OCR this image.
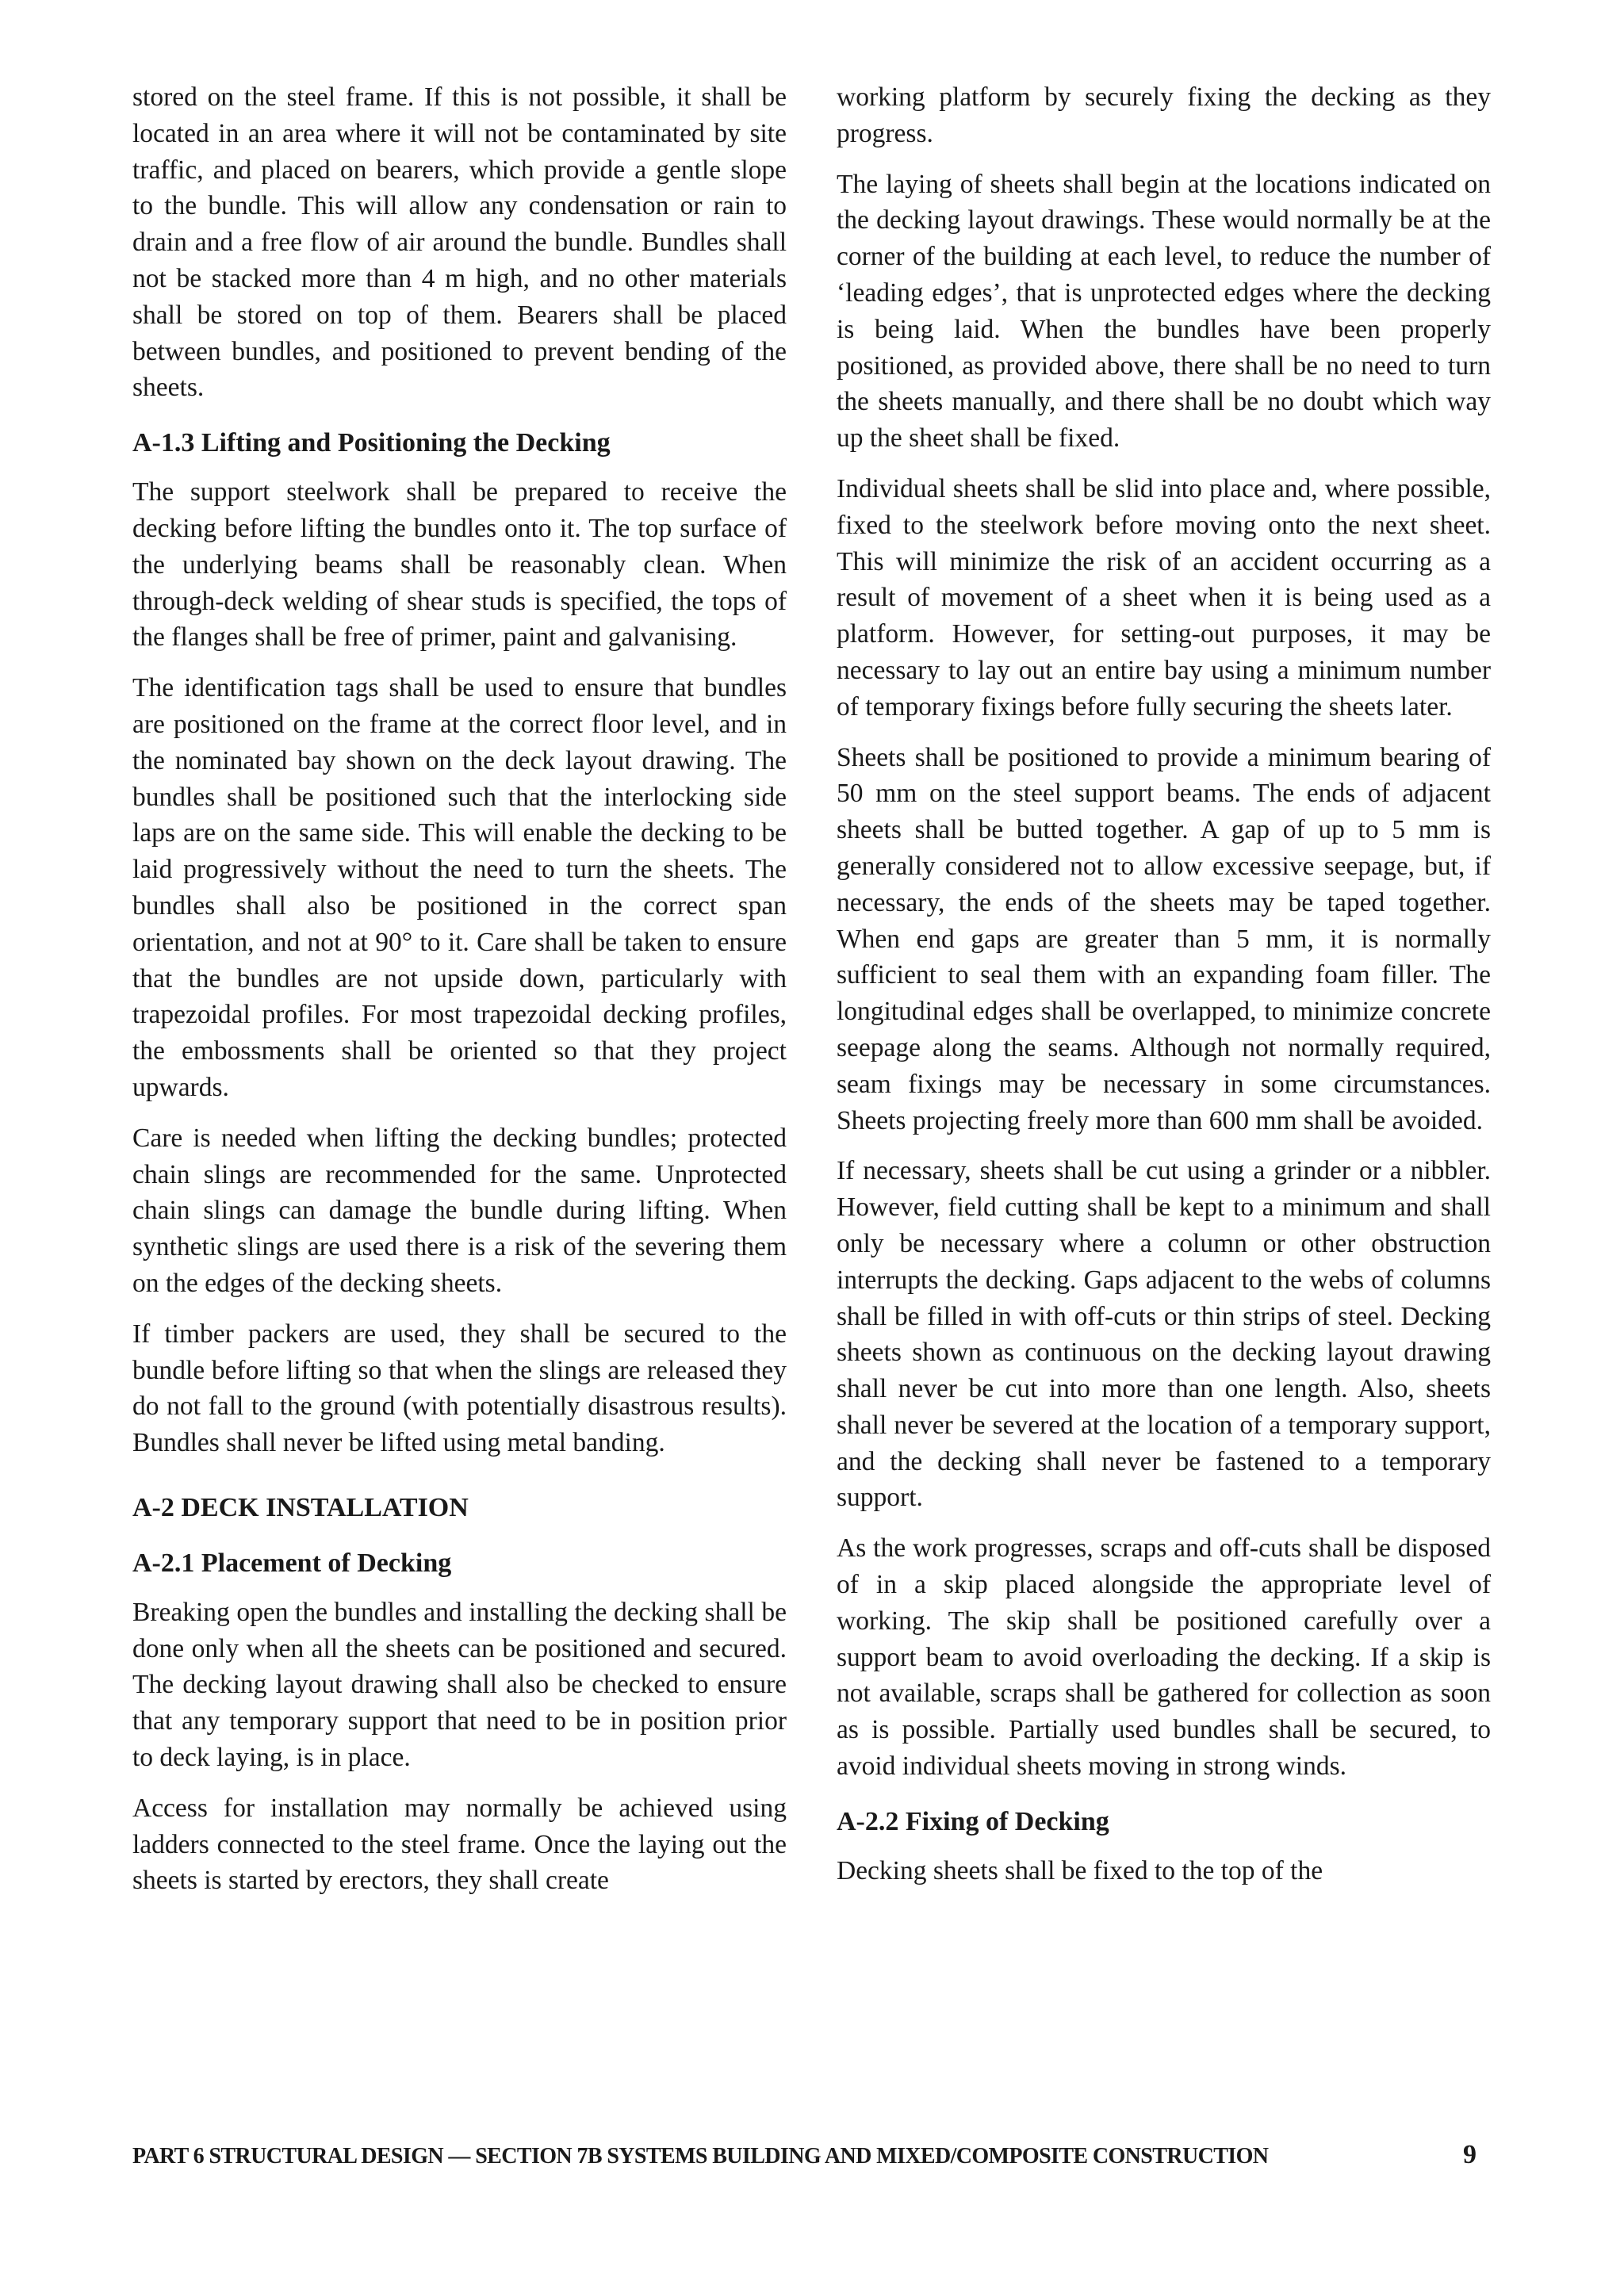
stored on the steel frame. If this is not possible, it shall be located in an area where it will not be contaminated by site traffic, and placed on bearers, which provide a gentle slope to the bundle. This will allow any condensation or rain to drain and a free flow of air around the bundle. Bundles shall not be stacked more than 4 m high, and no other materials shall be stored on top of them. Bearers shall be placed between bundles, and positioned to prevent bending of the sheets.

A-1.3 Lifting and Positioning the Decking

The support steelwork shall be prepared to receive the decking before lifting the bundles onto it. The top surface of the underlying beams shall be reasonably clean. When through-deck welding of shear studs is specified, the tops of the flanges shall be free of primer, paint and galvanising.

The identification tags shall be used to ensure that bundles are positioned on the frame at the correct floor level, and in the nominated bay shown on the deck layout drawing. The bundles shall be positioned such that the interlocking side laps are on the same side. This will enable the decking to be laid progressively without the need to turn the sheets. The bundles shall also be positioned in the correct span orientation, and not at 90° to it. Care shall be taken to ensure that the bundles are not upside down, particularly with trapezoidal profiles. For most trapezoidal decking profiles, the embossments shall be oriented so that they project upwards.

Care is needed when lifting the decking bundles; protected chain slings are recommended for the same. Unprotected chain slings can damage the bundle during lifting. When synthetic slings are used there is a risk of the severing them on the edges of the decking sheets.

If timber packers are used, they shall be secured to the bundle before lifting so that when the slings are released they do not fall to the ground (with potentially disastrous results). Bundles shall never be lifted using metal banding.

A-2 DECK INSTALLATION
A-2.1 Placement of Decking

Breaking open the bundles and installing the decking shall be done only when all the sheets can be positioned and secured. The decking layout drawing shall also be checked to ensure that any temporary support that need to be in position prior to deck laying, is in place.

Access for installation may normally be achieved using ladders connected to the steel frame. Once the laying out the sheets is started by erectors, they shall create

working platform by securely fixing the decking as they progress.

The laying of sheets shall begin at the locations indicated on the decking layout drawings. These would normally be at the corner of the building at each level, to reduce the number of ‘leading edges’, that is unprotected edges where the decking is being laid. When the bundles have been properly positioned, as provided above, there shall be no need to turn the sheets manually, and there shall be no doubt which way up the sheet shall be fixed.

Individual sheets shall be slid into place and, where possible, fixed to the steelwork before moving onto the next sheet. This will minimize the risk of an accident occurring as a result of movement of a sheet when it is being used as a platform. However, for setting-out purposes, it may be necessary to lay out an entire bay using a minimum number of temporary fixings before fully securing the sheets later.

Sheets shall be positioned to provide a minimum bearing of 50 mm on the steel support beams. The ends of adjacent sheets shall be butted together. A gap of up to 5 mm is generally considered not to allow excessive seepage, but, if necessary, the ends of the sheets may be taped together. When end gaps are greater than 5 mm, it is normally sufficient to seal them with an expanding foam filler. The longitudinal edges shall be overlapped, to minimize concrete seepage along the seams. Although not normally required, seam fixings may be necessary in some circumstances. Sheets projecting freely more than 600 mm shall be avoided.

If necessary, sheets shall be cut using a grinder or a nibbler. However, field cutting shall be kept to a minimum and shall only be necessary where a column or other obstruction interrupts the decking. Gaps adjacent to the webs of columns shall be filled in with off-cuts or thin strips of steel. Decking sheets shown as continuous on the decking layout drawing shall never be cut into more than one length. Also, sheets shall never be severed at the location of a temporary support, and the decking shall never be fastened to a temporary support.

As the work progresses, scraps and off-cuts shall be disposed of in a skip placed alongside the appropriate level of working. The skip shall be positioned carefully over a support beam to avoid overloading the decking. If a skip is not available, scraps shall be gathered for collection as soon as is possible. Partially used bundles shall be secured, to avoid individual sheets moving in strong winds.

A-2.2 Fixing of Decking

Decking sheets shall be fixed to the top of the

PART 6 STRUCTURAL DESIGN — SECTION 7B SYSTEMS BUILDING AND MIXED/COMPOSITE CONSTRUCTION	9
